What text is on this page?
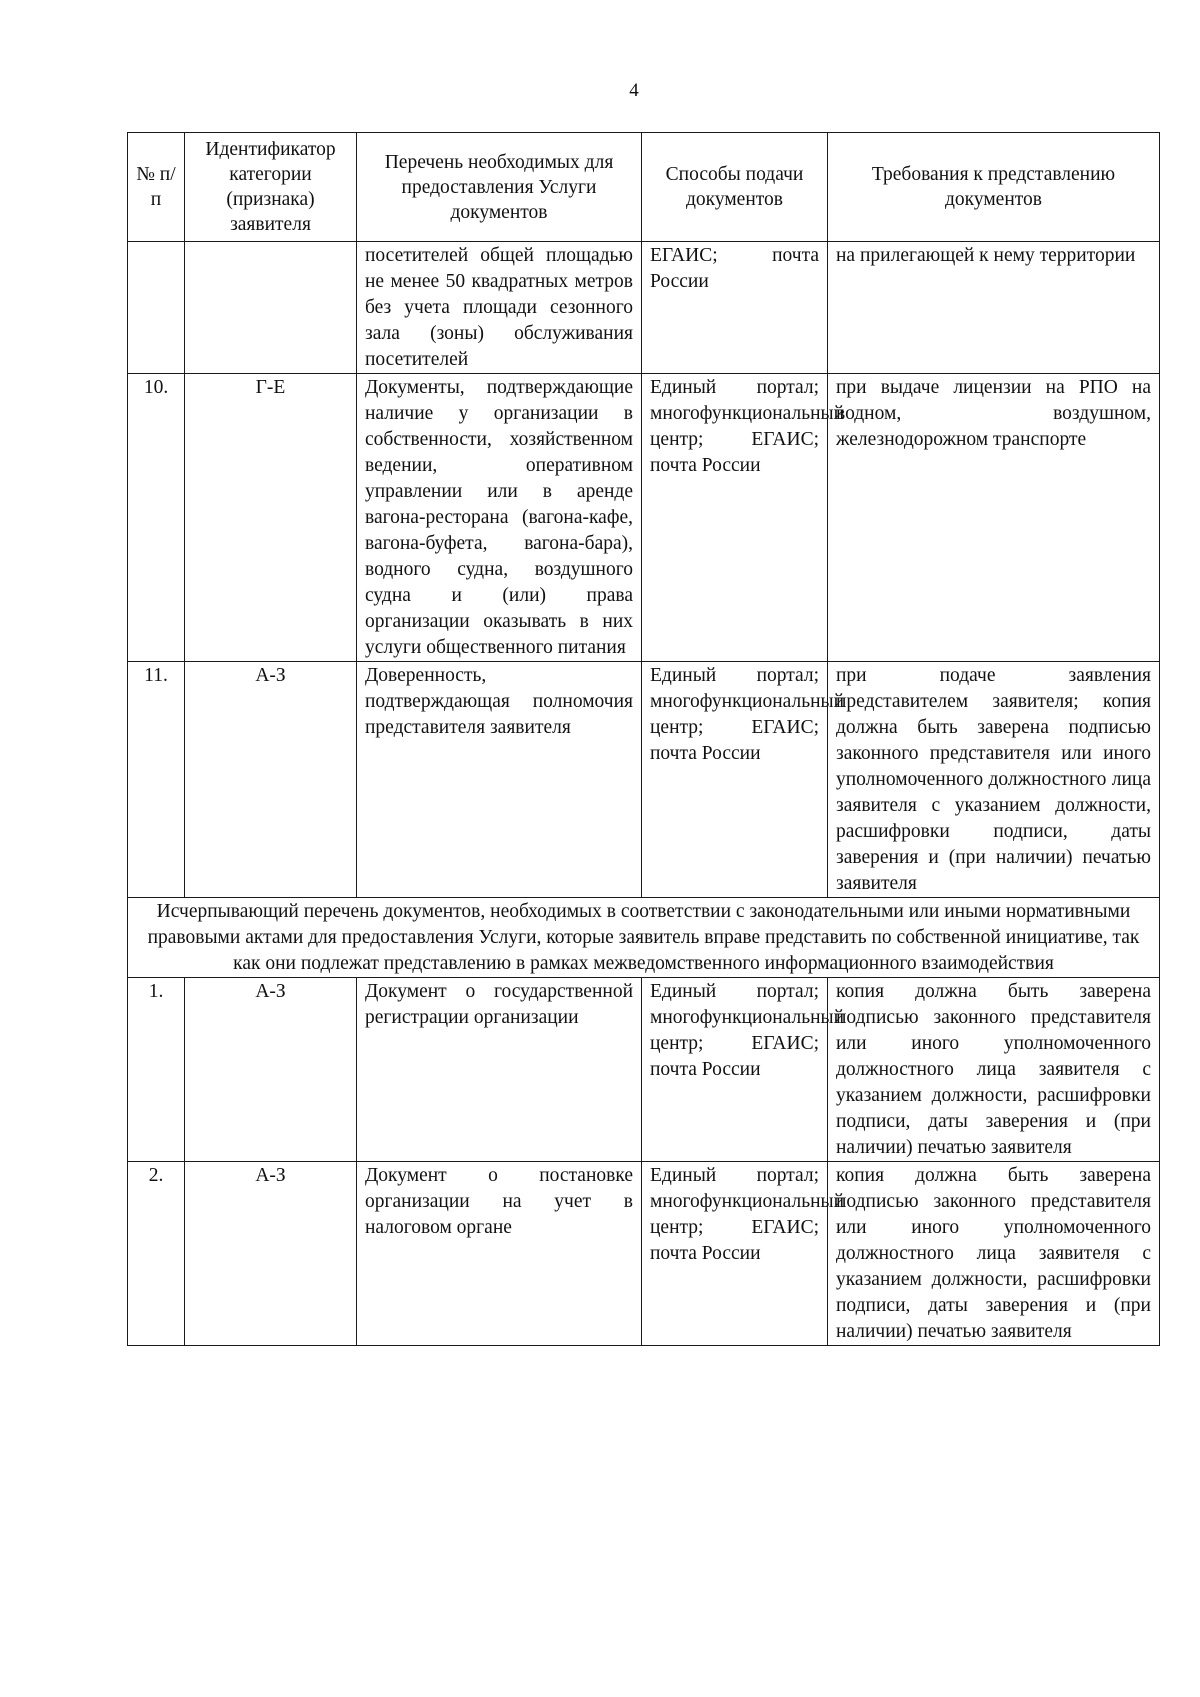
4
№ п/п	Идентификатор категории (признака) заявителя	Перечень необходимых для предоставления Услуги документов	Способы подачи документов	Требования к представлению документов
		посетителей общей площадью не менее 50 квадратных метров без учета площади сезонного зала (зоны) обслуживания посетителей	ЕГАИС; почта России	на прилегающей к нему территории
10.	Г-Е	Документы, подтверждающие наличие у организации в собственности, хозяйственном ведении, оперативном управлении или в аренде вагона-ресторана (вагона-кафе, вагона-буфета, вагона-бара), водного судна, воздушного судна и (или) права организации оказывать в них услуги общественного питания	Единый портал; многофункциональный центр; ЕГАИС; почта России	при выдаче лицензии на РПО на водном, воздушном, железнодорожном транспорте
11.	А-З	Доверенность, подтверждающая полномочия представителя заявителя	Единый портал; многофункциональный центр; ЕГАИС; почта России	при подаче заявления представителем заявителя; копия должна быть заверена подписью законного представителя или иного уполномоченного должностного лица заявителя с указанием должности, расшифровки подписи, даты заверения и (при наличии) печатью заявителя
Исчерпывающий перечень документов, необходимых в соответствии с законодательными или иными нормативными правовыми актами для предоставления Услуги, которые заявитель вправе представить по собственной инициативе, так как они подлежат представлению в рамках межведомственного информационного взаимодействия				
1.	А-З	Документ о государственной регистрации организации	Единый портал; многофункциональный центр; ЕГАИС; почта России	копия должна быть заверена подписью законного представителя или иного уполномоченного должностного лица заявителя с указанием должности, расшифровки подписи, даты заверения и (при наличии) печатью заявителя
2.	А-З	Документ о постановке организации на учет в налоговом органе	Единый портал; многофункциональный центр; ЕГАИС; почта России	копия должна быть заверена подписью законного представителя или иного уполномоченного должностного лица заявителя с указанием должности, расшифровки подписи, даты заверения и (при наличии) печатью заявителя
